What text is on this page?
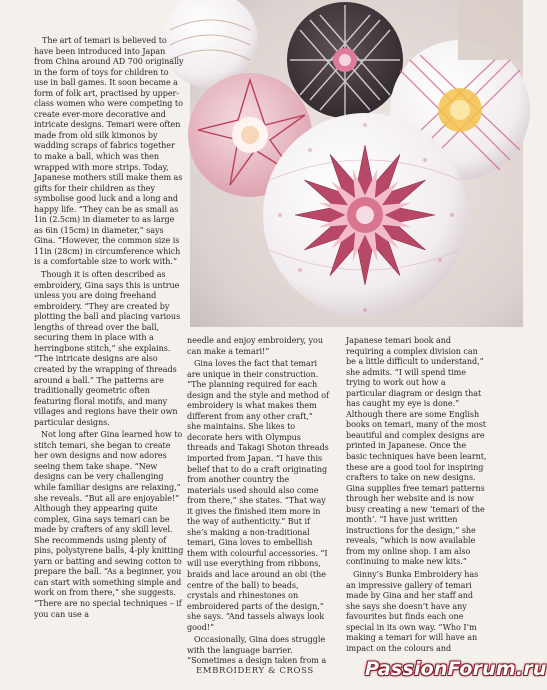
The art of temari is believed to have been introduced into Japan from China around AD 700 originally in the form of toys for children to use in ball games. It soon became a form of folk art, practised by upper-class women who were competing to create ever-more decorative and intricate designs. Temari were often made from old silk kimonos by wadding scraps of fabrics together to make a ball, which was then wrapped with more strips. Today, Japanese mothers still make them as gifts for their children as they symbolise good luck and a long and happy life. “They can be as small as 1in (2.5cm) in diameter to as large as 6in (15cm) in diameter,” says Gina. “However, the common size is 11in (28cm) in circumference which is a comfortable size to work with.”

Though it is often described as embroidery, Gina says this is untrue unless you are doing freehand embroidery. “They are created by plotting the ball and placing various lengths of thread over the ball, securing them in place with a herringbone stitch,” she explains. “The intricate designs are also created by the wrapping of threads around a ball.” The patterns are traditionally geometric often featuring floral motifs, and many villages and regions have their own particular designs.

Not long after Gina learned how to stitch temari, she began to create her own designs and now adores seeing them take shape. “New designs can be very challenging while familiar designs are relaxing,” she reveals. “But all are enjoyable!” Although they appearing quite complex, Gina says temari can be made by crafters of any skill level. She recommends using plenty of pins, polystyrene balls, 4-ply knitting yarn or batting and sewing cotton to prepare the ball. “As a beginner, you can start with something simple and work on from there,” she suggests. “There are no special techniques – if you can use a

needle and enjoy embroidery, you can make a temari!”

Gina loves the fact that temari are unique in their construction. “The planning required for each design and the style and method of embroidery is what makes them different from any other craft,” she maintains. She likes to decorate hers with Olympus threads and Takagi Shoton threads imported from Japan. “I have this belief that to do a craft originating from another country the materials used should also come from there,” she states. “That way it gives the finished item more in the way of authenticity.” But if she’s making a non-traditional temari, Gina loves to embellish them with colourful accessories. “I will use everything from ribbons, braids and lace around an obi (the centre of the ball) to beads, crystals and rhinestones on embroidered parts of the design,” she says. “And tassels always look good!”

Occasionally, Gina does struggle with the language barrier. “Sometimes a design taken from a

Japanese temari book and requiring a complex division can be a little difficult to understand,” she admits. “I will spend time trying to work out how a particular diagram or design that has caught my eye is done.” Although there are some English books on temari, many of the most beautiful and complex designs are printed in Japanese. Once the basic techniques have been learnt, these are a good tool for inspiring crafters to take on new designs. Gina supplies free temari patterns through her website and is now busy creating a new ‘temari of the month’. “I have just written instructions for the design,” she reveals, “which is now available from my online shop. I am also continuing to make new kits.”

Ginny’s Bunka Embroidery has an impressive gallery of temari made by Gina and her staff and she says she doesn’t have any favourites but finds each one special in its own way. “Who I’m making a temari for will have an impact on the colours and

EMBROIDERY & CROSS	PassionForum.ru
